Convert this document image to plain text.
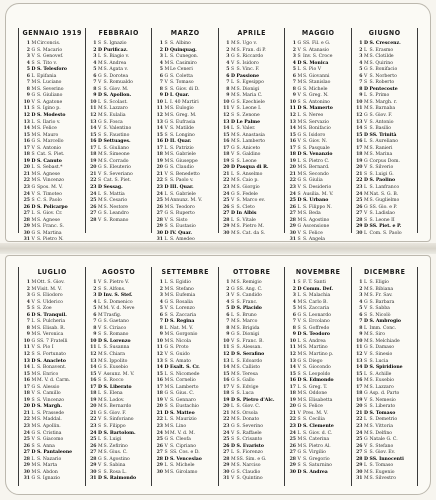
GENNAIO 1919
1 M Circoncis.
2 G S. Macario
3 V S. Genovef.
4 S S. Tito v.
5 D S. Telesforo
6 L Epifania
7 M S. Luciano
8 M S. Severino
9 G S. Giuliano
10 V S. Agatone
11 S S. Igino p.
12 D S. Modesto
13 L S. Ilario v.
14 M S. Felice
15 M S. Mauro
16 G S. Marcello
17 V S. Antonio
18 S Cat. S. Piet.
19 D S. Canuto
20 L S. Sebast.*
21 M S. Agnese
22 M S. Vincenzo
23 G Spos. M. V.
24 V S. Timoteo
25 S C. S. Paolo
26 D S. Policarpo
27 L S. Giov. Cr.
28 M S. Agnese
29 M S. Franc. S.
30 G S. Martina
31 V S. Pietro N.
FEBBRAIO
1 S S. Ignazio
2 D Purificaz.
3 L S. Biagio v.
4 M S. Andrea
5 M S. Agata v.
6 G S. Dorotea
7 V S. Romualdo
8 S S. Giov. M.
9 D S. Apollon.
10 L S. Scolast.
11 M S. Lazzaro
12 M S. Eulalia
13 G S. Fosca
14 V S. Valentino
15 S S. Faustino
16 D Settuages.
17 L S. Giuliano
18 M S. Simeone
19 M S. Corrado
20 G S. Eleuterio
21 V S. Severiano
22 S Cat. S. Piet.
23 D Sessag.
24 L S. Mattia
25 M S. Cesario
26 M S. Nestore
27 G S. Leandro
28 V S. Romano
MARZO
1 S S. Albino
2 D Quinquag.
3 L S. Cunegon.
4 M S. Casimiro
5 M Le Ceneri
6 G S. Coletta
7 V S. Tomaso
8 S S. Giov. di D.
9 D I. Quar.
10 L I. 40 Martiri
11 M S. Eulogio
12 M S. Greg. M.
13 G S. Eufrasia
14 V S. Matilde
15 S S. Longino
16 D II. Quar.
17 L S. Patrizio
18 M S. Gabriele
19 M S. Giuseppe
20 G S. Claudio
21 V S. Benedetto
22 S S. Paolo v.
23 D III. Quar.
24 L S. Gabriele
25 M Annunz. M. V.
26 M S. Teodoro
27 G S. Ruperto
28 V S. Sisto
29 S S. Eustasio
30 D IV. Quar.
31 L S. Amedeo
APRILE
1 M S. Ugo v.
2 M S. Fran. di P.
3 G S. Riccardo
4 V S. Isidoro
5 S S. Vinc. F.
6 D Passione
7 L S. Egesippo
8 M S. Dionigi
9 M S. Maria C.
10 G S. Ezechiele
11 V S. Leone I.
12 S S. Zenone
13 D Le Palme
14 L S. Valer.
15 M S. Anastasia
16 M S. Lamberto
17 G S. Aniceto
18 V S. Galdino
19 S S. Leone
20 D Pasqua di R.
21 L S. Anselmo
22 M S. Caio p.
23 M S. Giorgio
24 G S. Fedele
25 V S. Marco ev.
26 S S. Cleto
27 D In Albis
28 L S. Vitale
29 M S. Pietro M.
30 M S. Cat. da S.
MAGGIO
1 G SS. Fil. e G.
2 V S. Atanasio
3 S Inv. S. Croce
4 D S. Monica
5 L S. Pio V
6 M S. Giovanni
7 M S. Stanislao
8 G S. Michele
9 V S. Greg. N.
10 S S. Antonino
11 D S. Mamerto
12 L S. Nereo
13 M S. Servazio
14 M S. Bonifacio
15 G S. Isidoro
16 V S. Giov. N.
17 S S. Pasquale
18 D S. Venanzio
19 L S. Pietro C.
20 M S. Bernard.
21 M S. Secondo
22 G S. Giulia
23 V S. Desiderio
24 S Ausilia. M. V.
25 D S. Urbano
26 L S. Filippo N.
27 M S. Beda
28 M S. Agostino
29 G Ascensione
30 V S. Felice
31 S S. Angela
GIUGNO
1 D S. Crescenz.
2 L S. Erasmo
3 M S. Clotilde
4 M S. Quirino
5 G S. Bonifacio
6 V S. Norberto
7 S S. Roberto
8 D Pentecoste
9 L S. Primo
10 M S. Margh. r.
11 M S. Barnaba
12 G S. Giov. F.
13 V S. Antonio
14 S S. Basilio
15 D SS. Trinità
16 L S. Aureliano
17 M S. Ranieri
18 M S. Marina
19 G Corpus Dom.
20 V S. Silverio
21 S S. Luigi G.
22 D S. Paolino
23 L S. Lanfranco
24 M Nat. S. G. B.
25 M S. Guglielmo
26 G SS. Gio. e P.
27 V S. Ladislao
28 S S. Leone II
29 D SS. Piet. e P.
30 L Com. S. Paolo
LUGLIO
1 M Ott. S. Giov.
2 M Visit. M. V.
3 G S. Eliodoro
4 V S. Ulderico
5 S S. Zoe
6 D S. Tranquil.
7 L S. Pulcheria
8 M S. Elisab. R.
9 M S. Veronica
10 G SS. 7 Fratelli
11 V S. Pio I
12 S S. Fortunato
13 D S. Anacleto
14 L S. Bonavent.
15 M S. Enrico
16 M M. V. d. Carm.
17 G S. Alessio
18 V S. Camillo
19 S S. Vincenzo
20 D S. Margh.
21 L S. Prassede
22 M S. Maddal.
23 M S. Apollin.
24 G S. Cristina
25 V S. Giacomo
26 S S. Anna
27 D S. Pantaleone
28 L S. Nazario
29 M S. Marta
30 M S. Abdon
31 G S. Ignazio
AGOSTO
1 V S. Pietro V.
2 S S. Alfons.
3 D Inv. S. Stef.
4 L S. Domenico
5 M M. V. d. Neve
6 M Trasfig.
7 G S. Gaetano
8 V S. Ciriaco
9 S S. Romano
10 D S. Lorenzo
11 L S. Susanna
12 M S. Chiara
13 M S. Ippolito
14 G S. Eusebio
15 V Assunz. M. V.
16 S S. Rocco
17 D S. Liberato
18 L S. Elena
19 M S. Lodov.
20 M S. Bernardo
21 G S. Giov. F.
22 V S. Sinforiano
23 S S. Filippo
24 D S. Bartolom.
25 L S. Luigi
26 M S. Zefirino
27 M S. Gius. C.
28 G S. Agostino
29 V S. Sabina
30 S S. Rosa L.
31 D S. Raimondo
SETTEMBRE
1 L S. Egidio
2 M S. Stefano
3 M S. Eufemia
4 G S. Rosalia
5 V S. Lorenzo
6 S S. Zaccaria
7 D S. Regina
8 L Nat. M. V.
9 M S. Gorgonio
10 M S. Nicola
11 G S. Proto
12 V S. Guido
13 S S. Amato
14 D Esalt. S. Cr.
15 L S. Nicomede
16 M S. Cornelio
17 M S. Lamberto
18 G S. Gius. C.
19 V S. Gennaro
20 S S. Eustachio
21 D S. Matteo
22 L S. Maurizio
23 M S. Lino
24 M M. V. d. M.
25 G S. Cleofa
26 V S. Cipriano
27 S SS. Cos. e D.
28 D S. Venceslao
29 L S. Michele
30 M S. Girolamo
OTTOBRE
1 M S. Remigio
2 G SS. Ang. C.
3 V S. Candido
4 S S. Franc.
5 D S. Placido
6 L S. Bruno
7 M S. Marco
8 M S. Brigida
9 G S. Dionigi
10 V S. Franc. B.
11 S S. Alessan.
12 D S. Serafino
13 L S. Edoardo
14 M S. Callisto
15 M S. Teresa
16 G S. Gallo
17 V S. Edvige
18 S S. Luca
19 D S. Pietro d'Alc.
20 L S. Giov. C.
21 M S. Orsola
22 M S. Donato
23 G S. Severino
24 V S. Raffaele
25 S S. Crisanto
26 D S. Evaristo
27 L S. Fiorenzo
28 M SS. Sim. e G.
29 M S. Narciso
30 G S. Claudio
31 V S. Quintino
NOVEMBRE
1 S F. T. Santi
2 D Comm. Def.
3 L S. Malachia
4 M S. Carlo B.
5 M S. Zaccaria
6 G S. Leonardo
7 V S. Ercolano
8 S S. Goffredo
9 D S. Teodoro
10 L S. Andrea
11 M S. Martino
12 M S. Martino p.
13 G S. Diego
14 V S. Giocondo
15 S S. Leopoldo
16 D S. Edmondo
17 L S. Greg. T.
18 M S. Oddone
19 M S. Elisabetta
20 G S. Felice
21 V Pres. M. V.
22 S S. Cecilia
23 D S. Clemente
24 L S. Giov. d. C.
25 M S. Caterina
26 M S. Pietro Al.
27 G S. Virgilio
28 V S. Gregorio
29 S S. Saturnino
30 D S. Andrea
DICEMBRE
1 L S. Eligio
2 M S. Bibiana
3 M S. Fr. Sav.
4 G S. Barbara
5 V S. Sabba
6 S S. Nicolò
7 D S. Ambrogio
8 L Imm. Conc.
9 M S. Siro
10 M S. Melchiade
11 G S. Damaso
12 V S. Sinesio
13 S S. Lucia
14 D S. Spiridione
15 L S. Achille
16 M S. Eusebio
17 M S. Lazzaro
18 G Asp. d. Parto
19 V S. Nemesio
20 S S. Liberato
21 D S. Tomaso
22 L S. Demetrio
23 M S. Vittoria
24 M S. Delfino
25 G Natale G. C.
26 V S. Stefano
27 S S. Giov. Ev.
28 D SS. Innocenti
29 L S. Tomaso
30 M S. Eugenio
31 M S. Silvestro
